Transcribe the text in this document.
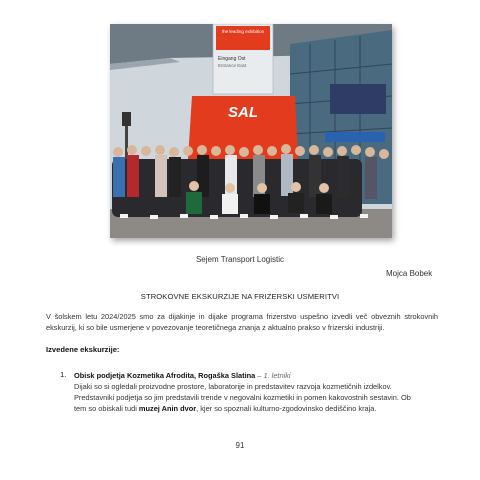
the leading exhibition
Eingang Ost
Entrance East
SAL
Sejem Transport Logistic
Mojca Bobek
STROKOVNE EKSKURZIJE NA FRIZERSKI USMERITVI
V šolskem letu 2024/2025 smo za dijakinje in dijake programa frizerstvo uspešno izvedli več obveznih strokovnih ekskurzij, ki so bile usmerjene v povezovanje teoretičnega znanja z aktualno prakso v frizerski industriji.
Izvedene ekskurzije:
1. Obisk podjetja Kozmetika Afrodita, Rogaška Slatina – 1. letniki
Dijaki so si ogledali proizvodne prostore, laboratorije in predstavitev razvoja kozmetičnih izdelkov. Predstavniki podjetja so jim predstavili trende v negovalni kozmetiki in pomen kakovostnih sestavin. Ob tem so obiskali tudi muzej Anin dvor, kjer so spoznali kulturno-zgodovinsko dediščino kraja.
91
